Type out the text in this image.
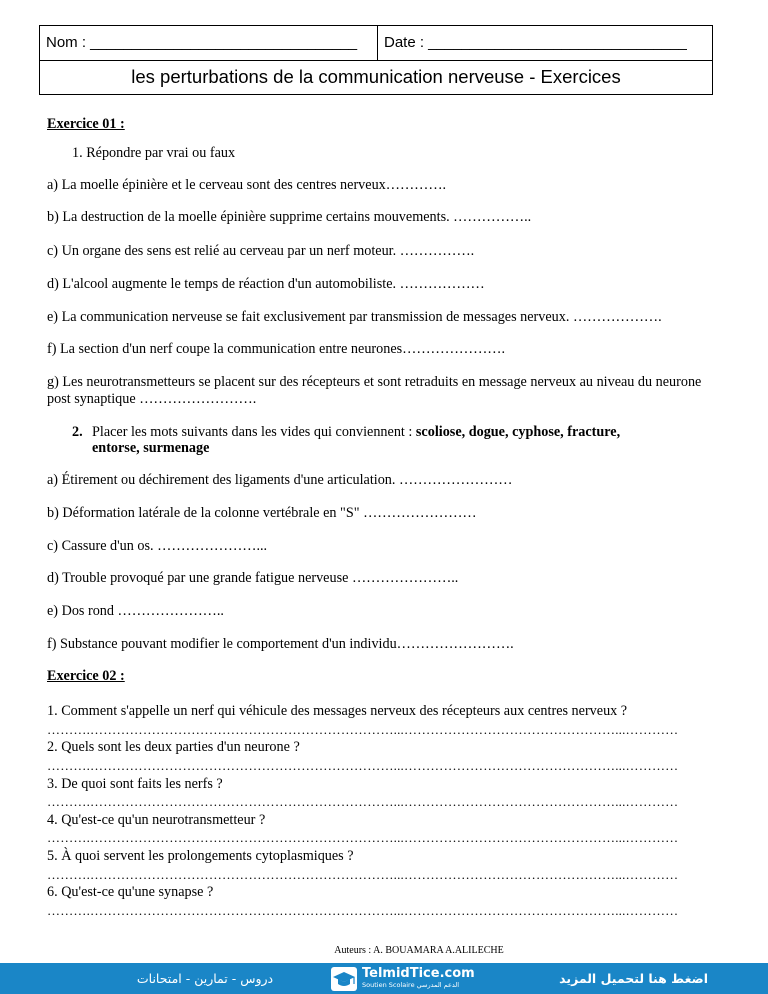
Nom : ________________________________	Date : _______________________________
les perturbations de la communication nerveuse - Exercices
Exercice 01 :
1. Répondre par vrai ou faux
a) La moelle épinière et le cerveau sont des centres nerveux………….
b) La destruction de la moelle épinière supprime certains mouvements. ……………..
c) Un organe des sens est relié au cerveau par un nerf moteur. …………….
d) L'alcool augmente le temps de réaction d'un automobiliste. ………………
e) La communication nerveuse se fait exclusivement par transmission de messages nerveux. ……………….
f) La section d'un nerf coupe la communication entre neurones………………….
g) Les neurotransmetteurs se placent sur des récepteurs et sont retraduits en message nerveux au niveau du neurone post synaptique …………………….
2. Placer les mots suivants dans les vides qui conviennent : scoliose, dogue, cyphose, fracture,
entorse, surmenage
a) Étirement ou déchirement des ligaments d'une articulation. ……………………
b) Déformation latérale de la colonne vertébrale en "S" ……………………
c) Cassure d'un os. …………………...
d) Trouble provoqué par une grande fatigue nerveuse …………………..
e) Dos rond …………………..
f) Substance pouvant modifier le comportement d'un individu…………………….
Exercice 02 :
1. Comment s'appelle un nerf qui véhicule des messages nerveux des récepteurs aux centres nerveux ?
……….……………………………………………………………...…………………………………………...…………
2. Quels sont les deux parties d'un neurone ?
……….……………………………………………………………...…………………………………………...…………
3. De quoi sont faits les nerfs ?
……….……………………………………………………………...…………………………………………...…………
4. Qu'est-ce qu'un neurotransmetteur ?
……….……………………………………………………………...…………………………………………...…………
5. À quoi servent les prolongements cytoplasmiques ?
……….……………………………………………………………...…………………………………………...…………
6. Qu'est-ce qu'une synapse ?
……….……………………………………………………………...…………………………………………...…………
Auteurs : A. BOUAMARA A.ALILECHE
دروس - تمارين - امتحانات	TelmidTice.com
Soutien Scolaire الدعم المدرسي	اضغط هنا لتحميل المزيد
